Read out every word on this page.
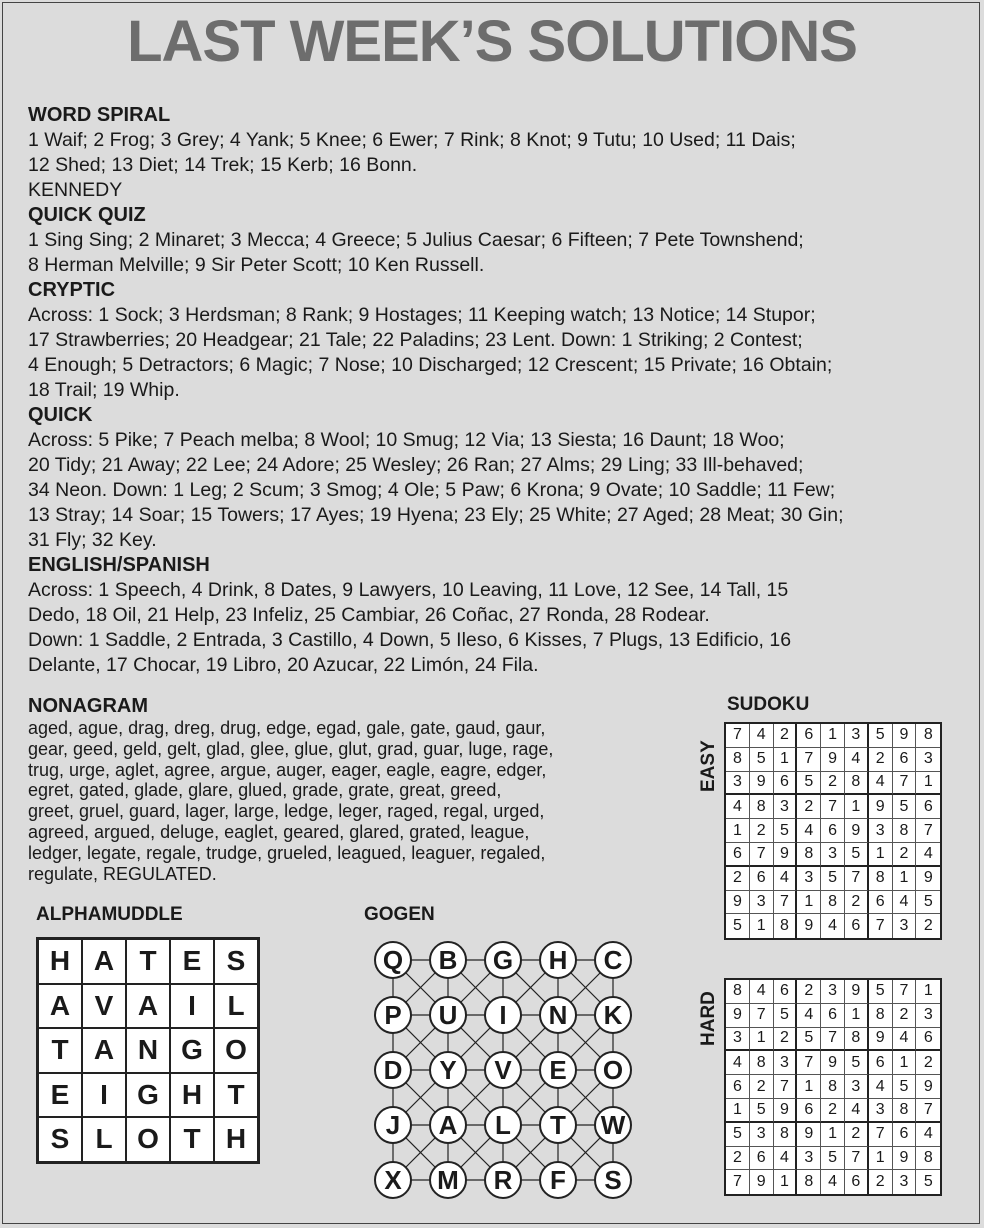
LAST WEEK’S SOLUTIONS
WORD SPIRAL
1 Waif; 2 Frog; 3 Grey; 4 Yank; 5 Knee; 6 Ewer; 7 Rink; 8 Knot; 9 Tutu; 10 Used; 11 Dais;
12 Shed; 13 Diet; 14 Trek; 15 Kerb; 16 Bonn.
KENNEDY
QUICK QUIZ
1 Sing Sing; 2 Minaret; 3 Mecca; 4 Greece; 5 Julius Caesar; 6 Fifteen; 7 Pete Townshend;
8 Herman Melville; 9 Sir Peter Scott; 10 Ken Russell.
CRYPTIC
Across: 1 Sock; 3 Herdsman; 8 Rank; 9 Hostages; 11 Keeping watch; 13 Notice; 14 Stupor;
17 Strawberries; 20 Headgear; 21 Tale; 22 Paladins; 23 Lent. Down: 1 Striking; 2 Contest;
4 Enough; 5 Detractors; 6 Magic; 7 Nose; 10 Discharged; 12 Crescent; 15 Private; 16 Obtain;
18 Trail; 19 Whip.
QUICK
Across: 5 Pike; 7 Peach melba; 8 Wool; 10 Smug; 12 Via; 13 Siesta; 16 Daunt; 18 Woo;
20 Tidy; 21 Away; 22 Lee; 24 Adore; 25 Wesley; 26 Ran; 27 Alms; 29 Ling; 33 Ill-behaved;
34 Neon. Down: 1 Leg; 2 Scum; 3 Smog; 4 Ole; 5 Paw; 6 Krona; 9 Ovate; 10 Saddle; 11 Few;
13 Stray; 14 Soar; 15 Towers; 17 Ayes; 19 Hyena; 23 Ely; 25 White; 27 Aged; 28 Meat; 30 Gin;
31 Fly; 32 Key.
ENGLISH/SPANISH
Across: 1 Speech, 4 Drink, 8 Dates, 9 Lawyers, 10 Leaving, 11 Love, 12 See, 14 Tall, 15
Dedo, 18 Oil, 21 Help, 23 Infeliz, 25 Cambiar, 26 Coñac, 27 Ronda, 28 Rodear.
Down: 1 Saddle, 2 Entrada, 3 Castillo, 4 Down, 5 Ileso, 6 Kisses, 7 Plugs, 13 Edificio, 16
Delante, 17 Chocar, 19 Libro, 20 Azucar, 22 Limón, 24 Fila.
NONAGRAM
aged, ague, drag, dreg, drug, edge, egad, gale, gate, gaud, gaur,
gear, geed, geld, gelt, glad, glee, glue, glut, grad, guar, luge, rage,
trug, urge, aglet, agree, argue, auger, eager, eagle, eagre, edger,
egret, gated, glade, glare, glued, grade, grate, great, greed,
greet, gruel, guard, lager, large, ledge, leger, raged, regal, urged,
agreed, argued, deluge, eaglet, geared, glared, grated, league,
ledger, legate, regale, trudge, grueled, leagued, leaguer, regaled,
regulate, REGULATED.
ALPHAMUDDLE
H A T E S
A V A	I	L
T A N G O
E	I	G H T
S L O T H
GOGEN
Q B G H C
P U I N K
D Y V E O
J A L T W
X M R F S
SUDOKU
EASY
7 4 2 6 1 3 5 9 8
8 5 1 7 9 4 2 6 3
3 9 6 5 2 8 4 7 1
4 8 3 2 7 1 9 5 6
1 2 5 4 6 9 3 8 7
6 7 9 8 3 5 1 2 4
2 6 4 3 5 7 8 1 9
9 3 7 1 8 2 6 4 5
5 1 8 9 4 6 7 3 2
HARD
8 4 6 2 3 9 5 7 1
9 7 5 4 6 1 8 2 3
3 1 2 5 7 8 9 4 6
4 8 3 7 9 5 6 1 2
6 2 7 1 8 3 4 5 9
1 5 9 6 2 4 3 8 7
5 3 8 9 1 2 7 6 4
2 6 4 3 5 7 1 9 8
7 9 1 8 4 6 2 3 5
